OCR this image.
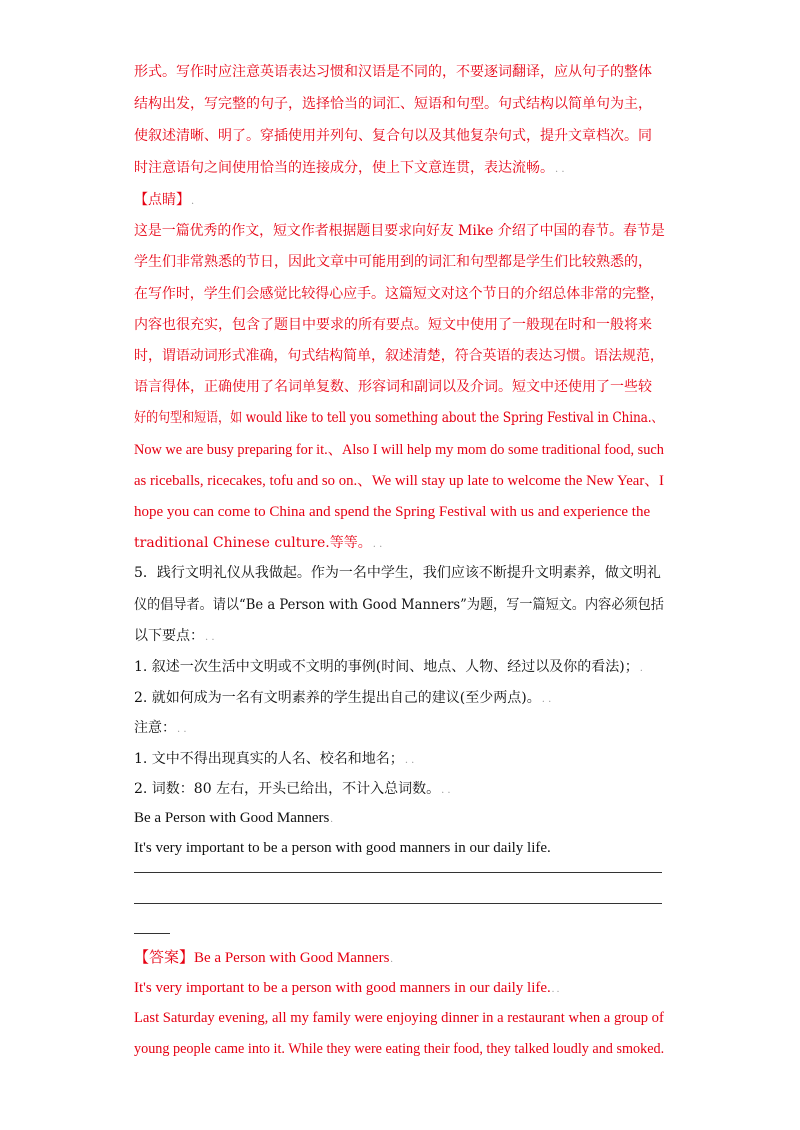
形式。写作时应注意英语表达习惯和汉语是不同的，不要逐词翻译，应从句子的整体
结构出发，写完整的句子，选择恰当的词汇、短语和句型。句式结构以简单句为主，
使叙述清晰、明了。穿插使用并列句、复合句以及其他复杂句式，提升文章档次。同
时注意语句之间使用恰当的连接成分，使上下文意连贯，表达流畅。. .
【点睛】.
这是一篇优秀的作文，短文作者根据题目要求向好友 Mike 介绍了中国的春节。春节是
学生们非常熟悉的节日，因此文章中可能用到的词汇和句型都是学生们比较熟悉的，
在写作时，学生们会感觉比较得心应手。这篇短文对这个节日的介绍总体非常的完整，
内容也很充实，包含了题目中要求的所有要点。短文中使用了一般现在时和一般将来
时，谓语动词形式准确，句式结构简单，叙述清楚，符合英语的表达习惯。语法规范，
语言得体，正确使用了名词单复数、形容词和副词以及介词。短文中还使用了一些较
好的句型和短语，如 would like to tell you something about the Spring Festival in China.、
Now we are busy preparing for it.、Also I will help my mom do some traditional food, such
as riceballs, ricecakes, tofu and so on.、We will stay up late to welcome the New Year、I
hope you can come to China and spend the Spring Festival with us and experience the
traditional Chinese culture.等等。. .
5．践行文明礼仪从我做起。作为一名中学生，我们应该不断提升文明素养，做文明礼
仪的倡导者。请以“Be a Person with Good Manners”为题，写一篇短文。内容必须包括
以下要点：. .
1. 叙述一次生活中文明或不文明的事例(时间、地点、人物、经过以及你的看法)；.
2. 就如何成为一名有文明素养的学生提出自己的建议(至少两点)。. .
注意：. .
1. 文中不得出现真实的人名、校名和地名；. .
2. 词数：80 左右，开头已给出，不计入总词数。. .
Be a Person with Good Manners.
It's very important to be a person with good manners in our daily life.
【答案】Be a Person with Good Manners.
It's very important to be a person with good manners in our daily life.. .
Last Saturday evening, all my family were enjoying dinner in a restaurant when a group of
young people came into it. While they were eating their food, they talked loudly and smoked.
